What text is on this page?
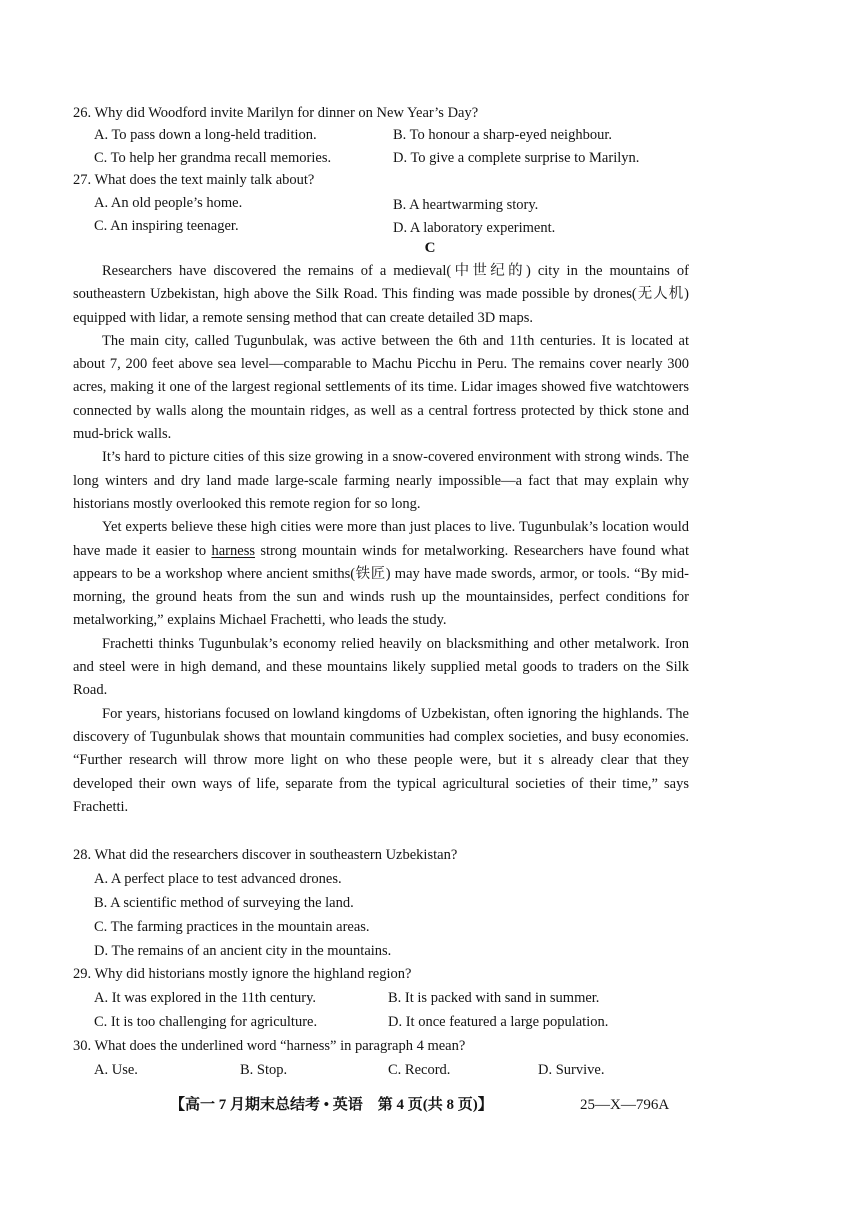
26. Why did Woodford invite Marilyn for dinner on New Year’s Day?
A. To pass down a long-held tradition.	B. To honour a sharp-eyed neighbour.
C. To help her grandma recall memories.	D. To give a complete surprise to Marilyn.
27. What does the text mainly talk about?
A. An old people’s home.	B. A heartwarming story.
C. An inspiring teenager.	D. A laboratory experiment.
C

Researchers have discovered the remains of a medieval(中世纪的) city in the mountains of southeastern Uzbekistan, high above the Silk Road. This finding was made possible by drones(无人机) equipped with lidar, a remote sensing method that can create detailed 3D maps.

The main city, called Tugunbulak, was active between the 6th and 11th centuries. It is located at about 7, 200 feet above sea level—comparable to Machu Picchu in Peru. The remains cover nearly 300 acres, making it one of the largest regional settlements of its time. Lidar images showed five watchtowers connected by walls along the mountain ridges, as well as a central fortress protected by thick stone and mud-brick walls.

It’s hard to picture cities of this size growing in a snow-covered environment with strong winds. The long winters and dry land made large-scale farming nearly impossible—a fact that may explain why historians mostly overlooked this remote region for so long.

Yet experts believe these high cities were more than just places to live. Tugunbulak’s location would have made it easier to harness strong mountain winds for metalworking. Researchers have found what appears to be a workshop where ancient smiths(铁匠) may have made swords, armor, or tools. “By mid-morning, the ground heats from the sun and winds rush up the mountainsides, perfect conditions for metalworking,” explains Michael Frachetti, who leads the study.

Frachetti thinks Tugunbulak’s economy relied heavily on blacksmithing and other metalwork. Iron and steel were in high demand, and these mountains likely supplied metal goods to traders on the Silk Road.

For years, historians focused on lowland kingdoms of Uzbekistan, often ignoring the highlands. The discovery of Tugunbulak shows that mountain communities had complex societies, and busy economies. “Further research will throw more light on who these people were, but it s already clear that they developed their own ways of life, separate from the typical agricultural societies of their time,” says Frachetti.

28. What did the researchers discover in southeastern Uzbekistan?
A. A perfect place to test advanced drones.
B. A scientific method of surveying the land.
C. The farming practices in the mountain areas.
D. The remains of an ancient city in the mountains.
29. Why did historians mostly ignore the highland region?
A. It was explored in the 11th century.	B. It is packed with sand in summer.
C. It is too challenging for agriculture.	D. It once featured a large population.
30. What does the underlined word “harness” in paragraph 4 mean?
A. Use.	B. Stop.	C. Record.	D. Survive.
【高一 7 月期末总结考 • 英语　第 4 页(共 8 页)】	25—X—796A
